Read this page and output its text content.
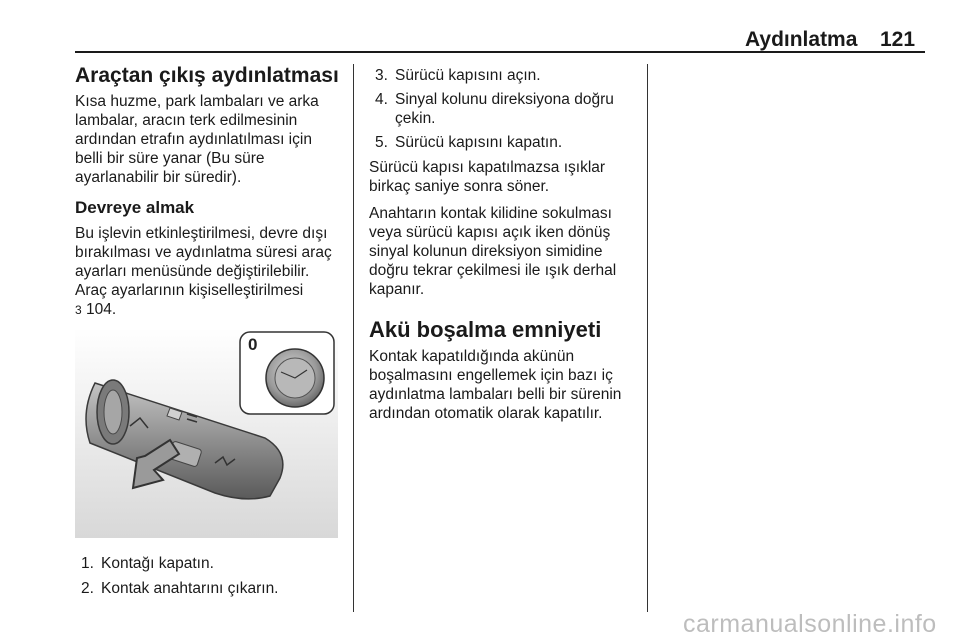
Aydınlatma 121
Araçtan çıkış aydınlatması

Kısa huzme, park lambaları ve arka
lambalar, aracın terk edilmesinin
ardından etrafın aydınlatılması için
belli bir süre yanar (Bu süre
ayarlanabilir bir süredir).

Devreye almak

Bu işlevin etkinleştirilmesi, devre dışı
bırakılması ve aydınlatma süresi araç
ayarları menüsünde değiştirilebilir.
Araç ayarlarının kişiselleştirilmesi
3 104.

0
1. Kontağı kapatın.
2. Kontak anahtarını çıkarın.
3. Sürücü kapısını açın.
4. Sinyal kolunu direksiyona doğru
çekin.
5. Sürücü kapısını kapatın.

Sürücü kapısı kapatılmazsa ışıklar
birkaç saniye sonra söner.

Anahtarın kontak kilidine sokulması
veya sürücü kapısı açık iken dönüş
sinyal kolunun direksiyon simidine
doğru tekrar çekilmesi ile ışık derhal
kapanır.

Akü boşalma emniyeti

Kontak kapatıldığında akünün
boşalmasını engellemek için bazı iç
aydınlatma lambaları belli bir sürenin
ardından otomatik olarak kapatılır.

carmanualsonline.info
